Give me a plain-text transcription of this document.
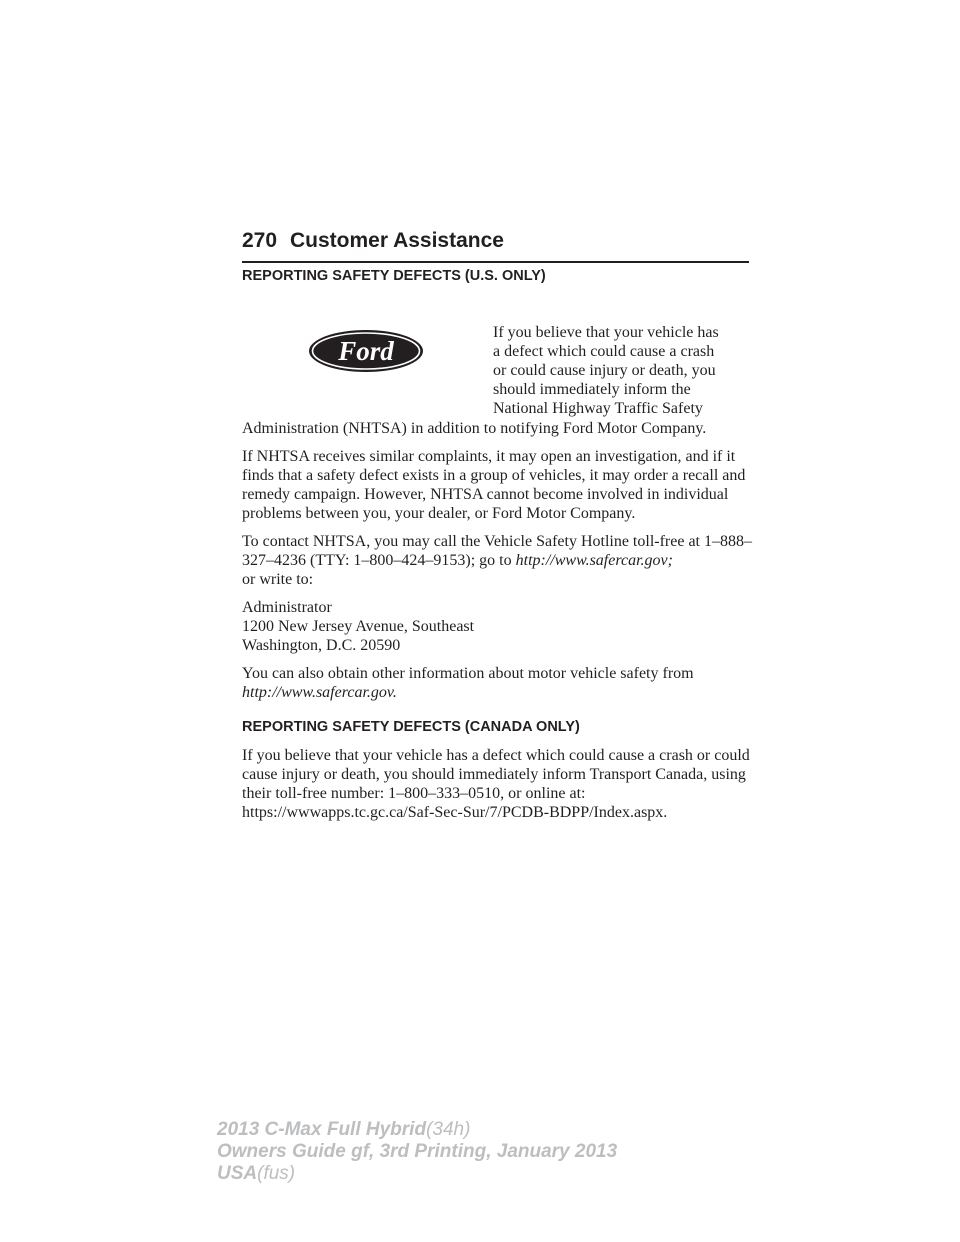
270 Customer Assistance
REPORTING SAFETY DEFECTS (U.S. ONLY)
Ford
If you believe that your vehicle has
a defect which could cause a crash
or could cause injury or death, you
should immediately inform the
National Highway Traffic Safety

Administration (NHTSA) in addition to notifying Ford Motor Company.

If NHTSA receives similar complaints, it may open an investigation, and if it finds that a safety defect exists in a group of vehicles, it may order a recall and remedy campaign. However, NHTSA cannot become involved in individual problems between you, your dealer, or Ford Motor Company.

To contact NHTSA, you may call the Vehicle Safety Hotline toll-free at 1–888–327–4236 (TTY: 1–800–424–9153); go to http://www.safercar.gov;
or write to:

Administrator

1200 New Jersey Avenue, Southeast

Washington, D.C. 20590

You can also obtain other information about motor vehicle safety from
http://www.safercar.gov.

REPORTING SAFETY DEFECTS (CANADA ONLY)

If you believe that your vehicle has a defect which could cause a crash or could cause injury or death, you should immediately inform Transport Canada, using their toll-free number: 1–800–333–0510, or online at: https://wwwapps.tc.gc.ca/Saf-Sec-Sur/7/PCDB-BDPP/Index.aspx.

2013 C-Max Full Hybrid(34h)
Owners Guide gf, 3rd Printing, January 2013
USA(fus)
